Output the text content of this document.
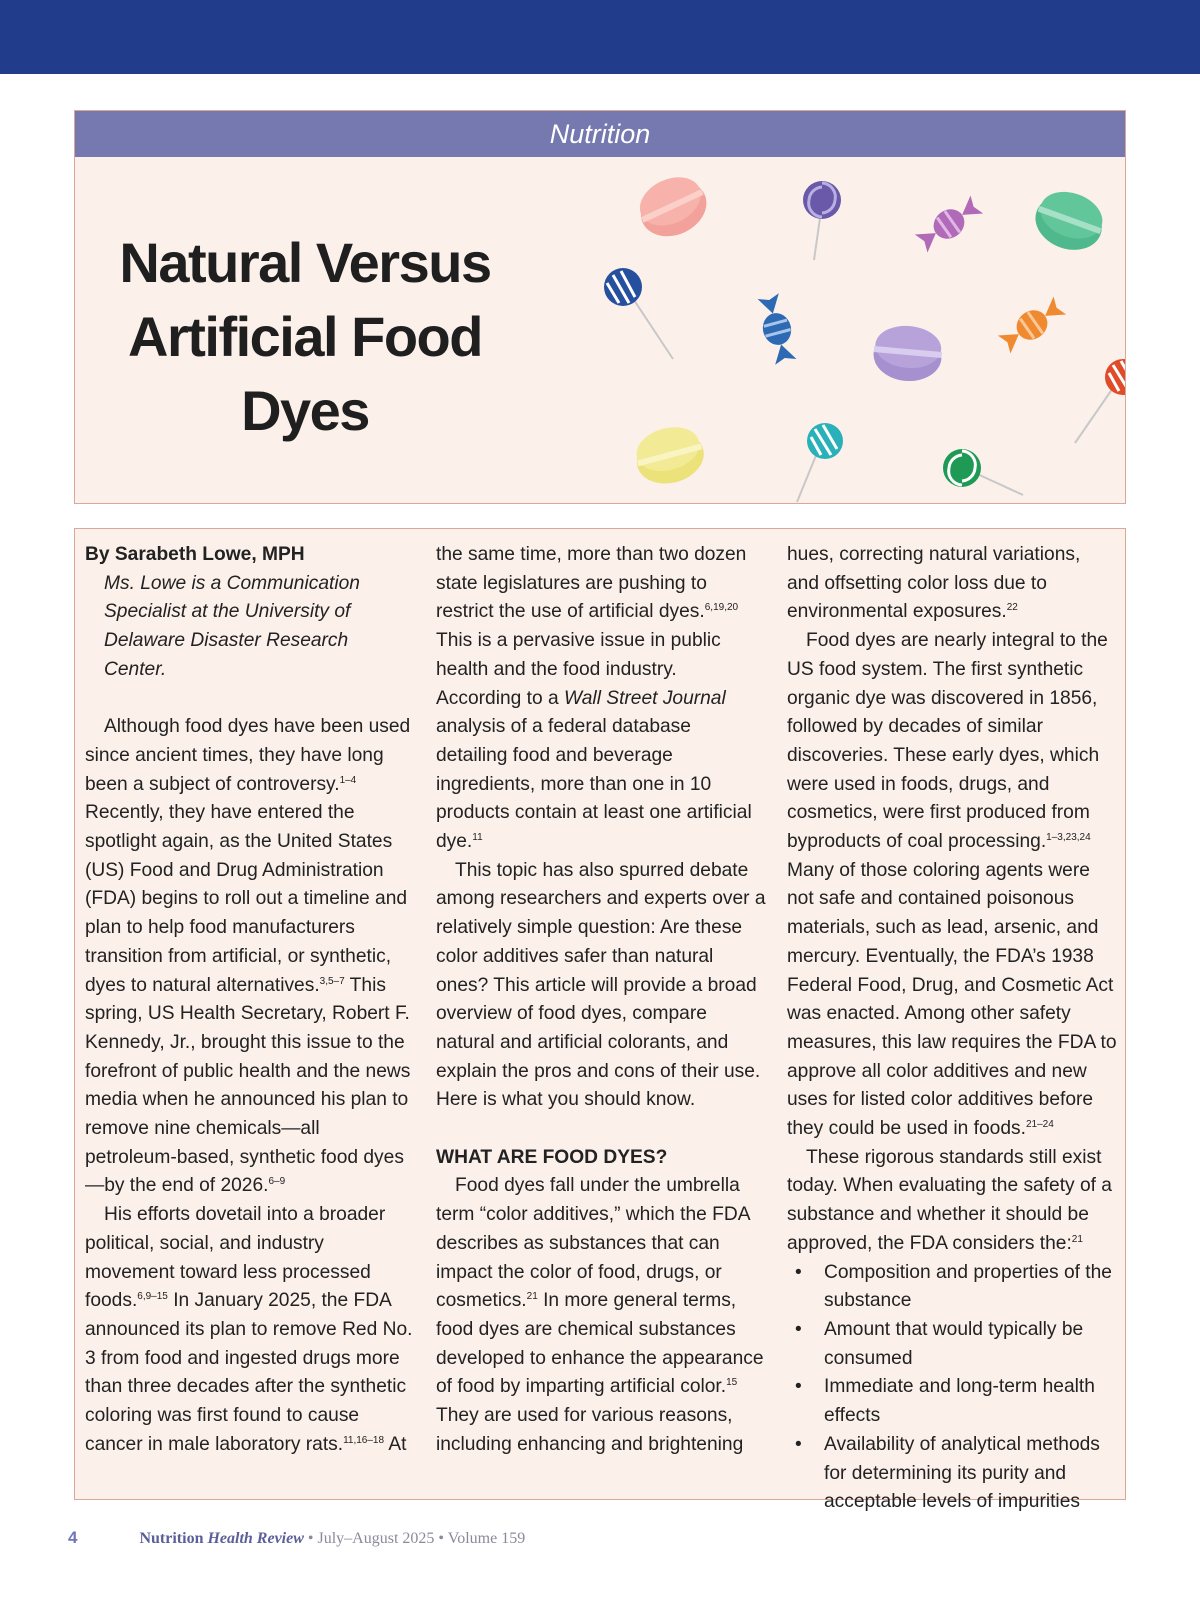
Nutrition
Natural Versus Artificial Food Dyes

By Sarabeth Lowe, MPH

Ms. Lowe is a Communication Specialist at the University of Delaware Disaster Research Center.

Although food dyes have been used since ancient times, they have long been a subject of controversy.$^{1-4}$ Recently, they have entered the spotlight again, as the United States (US) Food and Drug Administration (FDA) begins to roll out a timeline and plan to help food manufacturers transition from artificial, or synthetic, dyes to natural alternatives.$^{3,5-7}$ This spring, US Health Secretary, Robert F. Kennedy, Jr., brought this issue to the forefront of public health and the news media when he announced his plan to remove nine chemicals—all petroleum-based, synthetic food dyes—by the end of 2026.$^{6-9}$

His efforts dovetail into a broader political, social, and industry movement toward less processed foods.$^{6,9-15}$ In January 2025, the FDA announced its plan to remove Red No. 3 from food and ingested drugs more than three decades after the synthetic coloring was first found to cause cancer in male laboratory rats.$^{11,16-18}$ At

the same time, more than two dozen state legislatures are pushing to restrict the use of artificial dyes.$^{6,19,20}$ This is a pervasive issue in public health and the food industry. According to a Wall Street Journal analysis of a federal database detailing food and beverage ingredients, more than one in 10 products contain at least one artificial dye.$^{11}$

This topic has also spurred debate among researchers and experts over a relatively simple question: Are these color additives safer than natural ones? This article will provide a broad overview of food dyes, compare natural and artificial colorants, and explain the pros and cons of their use. Here is what you should know.

WHAT ARE FOOD DYES?

Food dyes fall under the umbrella term “color additives,” which the FDA describes as substances that can impact the color of food, drugs, or cosmetics.$^{21}$ In more general terms, food dyes are chemical substances developed to enhance the appearance of food by imparting artificial color.$^{15}$ They are used for various reasons, including enhancing and brightening

hues, correcting natural variations, and offsetting color loss due to environmental exposures.$^{22}$

Food dyes are nearly integral to the US food system. The first synthetic organic dye was discovered in 1856, followed by decades of similar discoveries. These early dyes, which were used in foods, drugs, and cosmetics, were first produced from byproducts of coal processing.$^{1-3,23,24}$ Many of those coloring agents were not safe and contained poisonous materials, such as lead, arsenic, and mercury. Eventually, the FDA’s 1938 Federal Food, Drug, and Cosmetic Act was enacted. Among other safety measures, this law requires the FDA to approve all color additives and new uses for listed color additives before they could be used in foods.$^{21-24}$

These rigorous standards still exist today. When evaluating the safety of a substance and whether it should be approved, the FDA considers the:$^{21}$

• Composition and properties of the substance
• Amount that would typically be consumed
• Immediate and long-term health effects
• Availability of analytical methods for determining its purity and acceptable levels of impurities
4	Nutrition Health Review • July–August 2025 • Volume 159
